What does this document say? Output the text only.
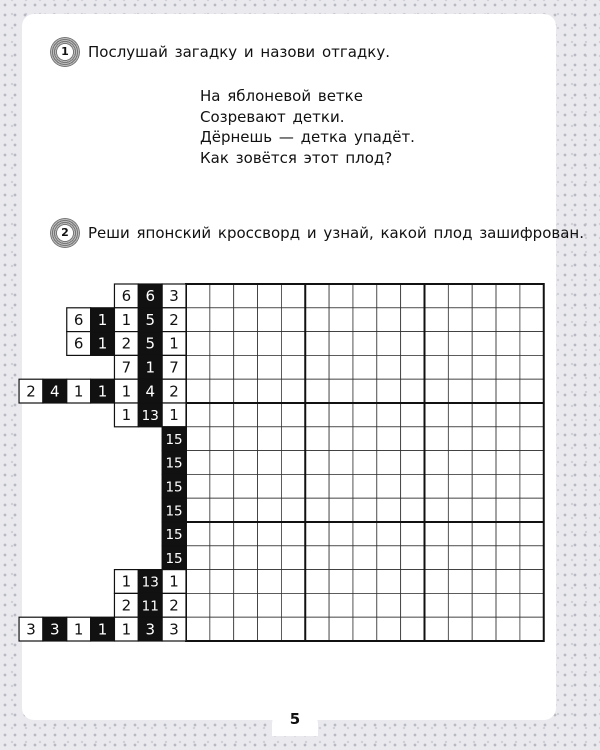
1 Послушай загадку и назови отгадку.
На яблоневой ветке
Созревают детки.
Дёрнешь — детка упадёт.
Как зовётся этот плод?
2 Реши японский кроссворд и узнай, какой плод зашифрован.
6 6 3
6 1 1 5 2
6 1 2 5 1
7 1 7
2 4 1 1 1 4 2
1 13 1
15
15
15
15
15
15
1 13 1
2 11 2
3 3 1 1 1 3 3
5
